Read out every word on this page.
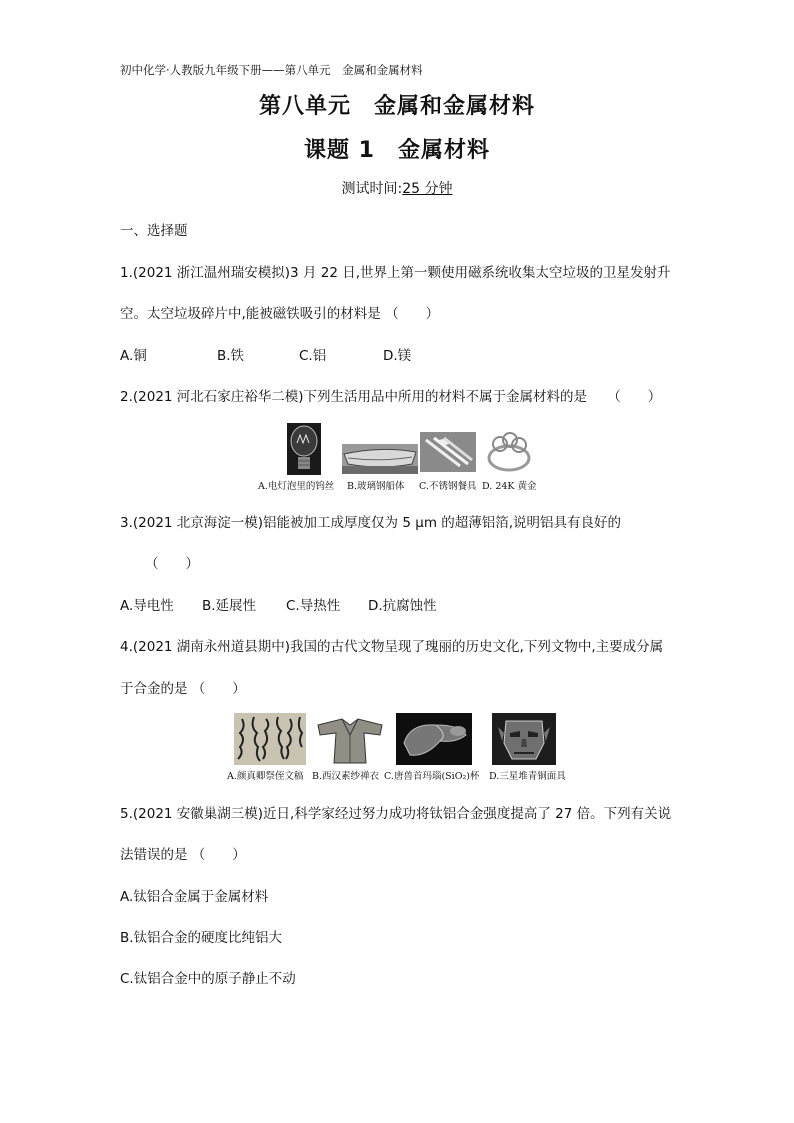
初中化学·人教版九年级下册——第八单元　金属和金属材料
第八单元　金属和金属材料
课题 1　金属材料
测试时间:25 分钟
一、选择题
1.(2021 浙江温州瑞安模拟)3 月 22 日,世界上第一颗使用磁系统收集太空垃圾的卫星发射升
空。太空垃圾碎片中,能被磁铁吸引的材料是 （　　）
A.铜	B.铁	C.铝	D.镁
2.(2021 河北石家庄裕华二模)下列生活用品中所用的材料不属于金属材料的是　　（　　）
A.电灯泡里的钨丝 B.玻璃钢船体 C.不锈钢餐具 D. 24K 黄金
3.(2021 北京海淀一模)铝能被加工成厚度仅为 5 μm 的超薄铝箔,说明铝具有良好的
（　　）
A.导电性 B.延展性 C.导热性 D.抗腐蚀性
4.(2021 湖南永州道县期中)我国的古代文物呈现了瑰丽的历史文化,下列文物中,主要成分属
于合金的是 （　　）
A.颜真卿祭侄文稿 B.西汉素纱禅衣 C.唐兽首玛瑙(SiO₂)杯 D.三星堆青铜面具
5.(2021 安徽巢湖三模)近日,科学家经过努力成功将钛铝合金强度提高了 27 倍。下列有关说
法错误的是 （　　）
A.钛铝合金属于金属材料
B.钛铝合金的硬度比纯铝大
C.钛铝合金中的原子静止不动
